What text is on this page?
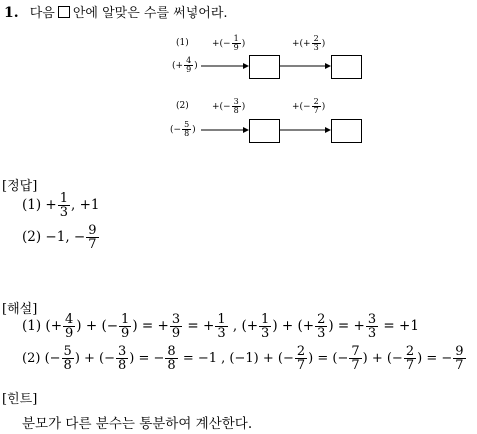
1. 다음 안에 알맞은 수를 써넣어라.
(1)	+(− $\frac{1}{9}$ )	+(+ $\frac{2}{3}$ )
(+ $\frac{4}{9}$ )
(2)	+(− $\frac{3}{8}$ )	+(− $\frac{2}{7}$ )
(− $\frac{5}{8}$ )
[정답]
$(1) + \frac{1}{3}$ , +1
(2) −1, − $\frac{9}{7}$
[해설]
(1) (+ $\frac{4}{9}$ ) + (− $\frac{1}{9}$ ) = + $\frac{3}{9}$ = + $\frac{1}{3}$ , (+ $\frac{1}{3}$ ) + (+ $\frac{2}{3}$ ) = + $\frac{3}{3} = +1$
(2) (− $\frac{5}{8}$ ) + (− $\frac{3}{8}$ ) = − $\frac{8}{8} = -1$ , (−1) + (− $\frac{2}{7}$ ) = (− $\frac{7}{7}$ ) + (− $\frac{2}{7}$ ) = − $\frac{9}{7}$
[힌트]
분모가 다른 분수는 통분하여 계산한다.
